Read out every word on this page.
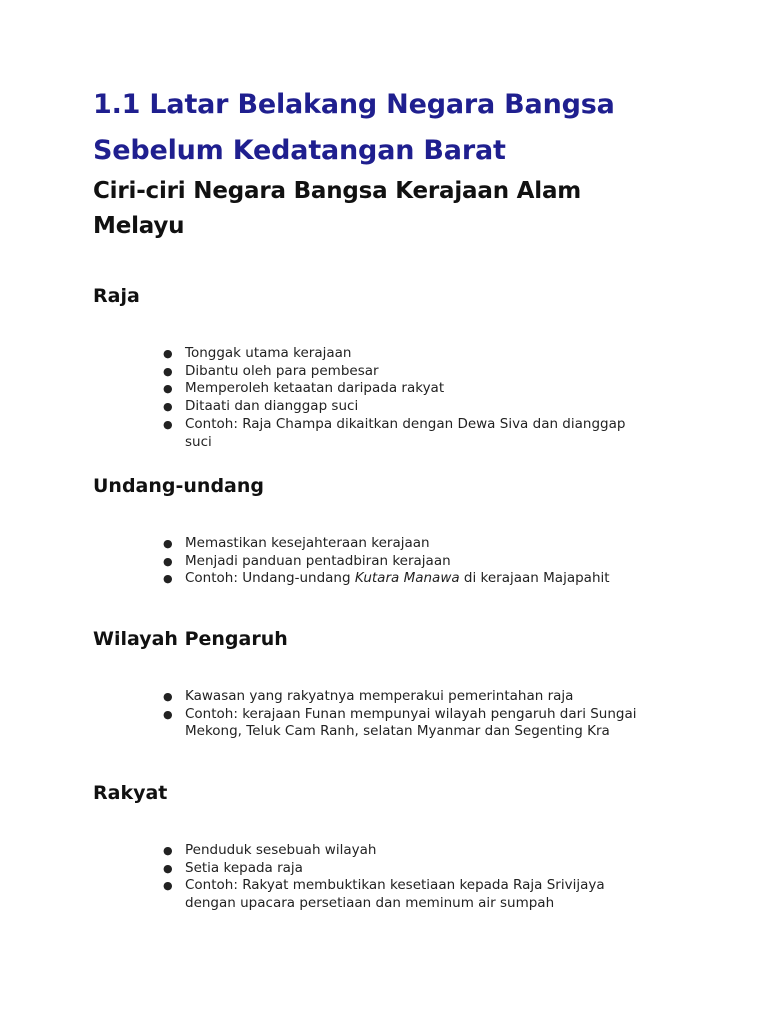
1.1 Latar Belakang Negara Bangsa
Sebelum Kedatangan Barat
Ciri-ciri Negara Bangsa Kerajaan Alam
Melayu
Raja
● Tonggak utama kerajaan
● Dibantu oleh para pembesar
● Memperoleh ketaatan daripada rakyat
● Ditaati dan dianggap suci
● Contoh: Raja Champa dikaitkan dengan Dewa Siva dan dianggap suci
Undang-undang
● Memastikan kesejahteraan kerajaan
● Menjadi panduan pentadbiran kerajaan
● Contoh: Undang-undang Kutara Manawa di kerajaan Majapahit
Wilayah Pengaruh
● Kawasan yang rakyatnya memperakui pemerintahan raja
● Contoh: kerajaan Funan mempunyai wilayah pengaruh dari Sungai Mekong, Teluk Cam Ranh, selatan Myanmar dan Segenting Kra
Rakyat
● Penduduk sesebuah wilayah
● Setia kepada raja
● Contoh: Rakyat membuktikan kesetiaan kepada Raja Srivijaya dengan upacara persetiaan dan meminum air sumpah
